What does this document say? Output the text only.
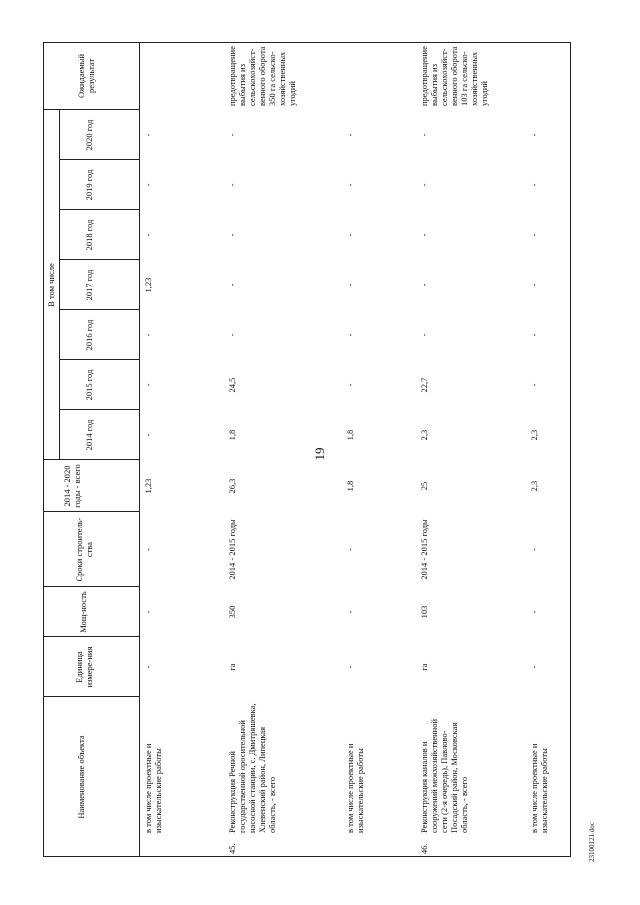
19
23100121.doc
Наименование объекта
Единица измере-ния
Мощ-ность
Сроки строитель-ства
2014 - 2020 годы - всего
В том числе
2014 год
2015 год
2016 год
2017 год
2018 год
2019 год
2020 год
Ожидаемый результат
в том числе проектные и изыскательские работы
-
-
-
1,23
-
-
-
1,23
-
-
-
45.
Реконструкция Речной государственной оросительной насосной станции, с. Дмитряшевка, Хлевенский район, Липецкая область, - всего
га
350
2014 - 2015 годы
26,3
1,8
24,5
-
-
-
-
-
предотвращение выбытия из сельскохозяйст-венного оборота 350 га сельско-хозяйственных угодий
в том числе проектные и изыскательские работы
-
-
-
1,8
1,8
-
-
-
-
-
-
46.
Реконструкция каналов и сооружений межхозяйственной сети (2-я очередь), Павлово-Посадский район, Московская область, - всего
га
103
2014 - 2015 годы
25
2,3
22,7
-
-
-
-
-
предотвращение выбытия из сельскохозяйст-венного оборота 103 га сельско-хозяйственных угодий
в том числе проектные и изыскательские работы
-
-
-
2,3
2,3
-
-
-
-
-
-
